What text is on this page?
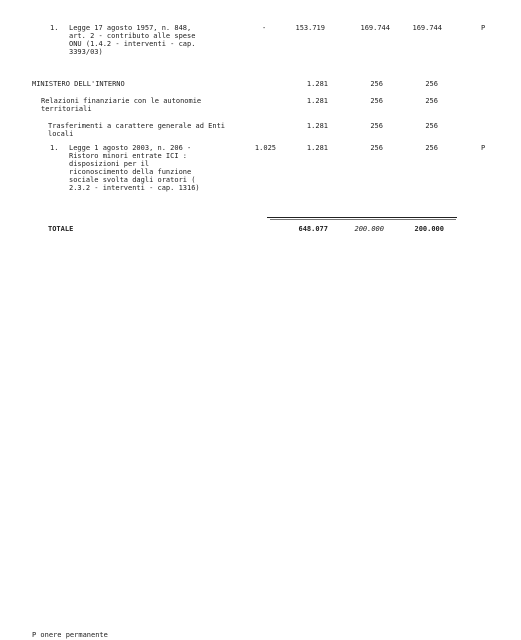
1. Legge 17 agosto 1957, n. 848,
art. 2 - contributo alle spese
ONU (1.4.2 - interventi - cap.
3393/03)
-	153.719	169.744	169.744	P
MINISTERO DELL'INTERNO	1.281	256	256
Relazioni finanziarie con le autonomie
territoriali
1.281	256	256
Trasferimenti a carattere generale ad Enti
locali
1.281	256	256
1. Legge 1 agosto 2003, n. 206 -
Ristoro minori entrate ICI :
disposizioni per il
riconoscimento della funzione
sociale svolta dagli oratori (
2.3.2 - interventi - cap. 1316)
1.025	1.281	256	256	P
TOTALE	648.077	200.000	200.000
P onere permanente
